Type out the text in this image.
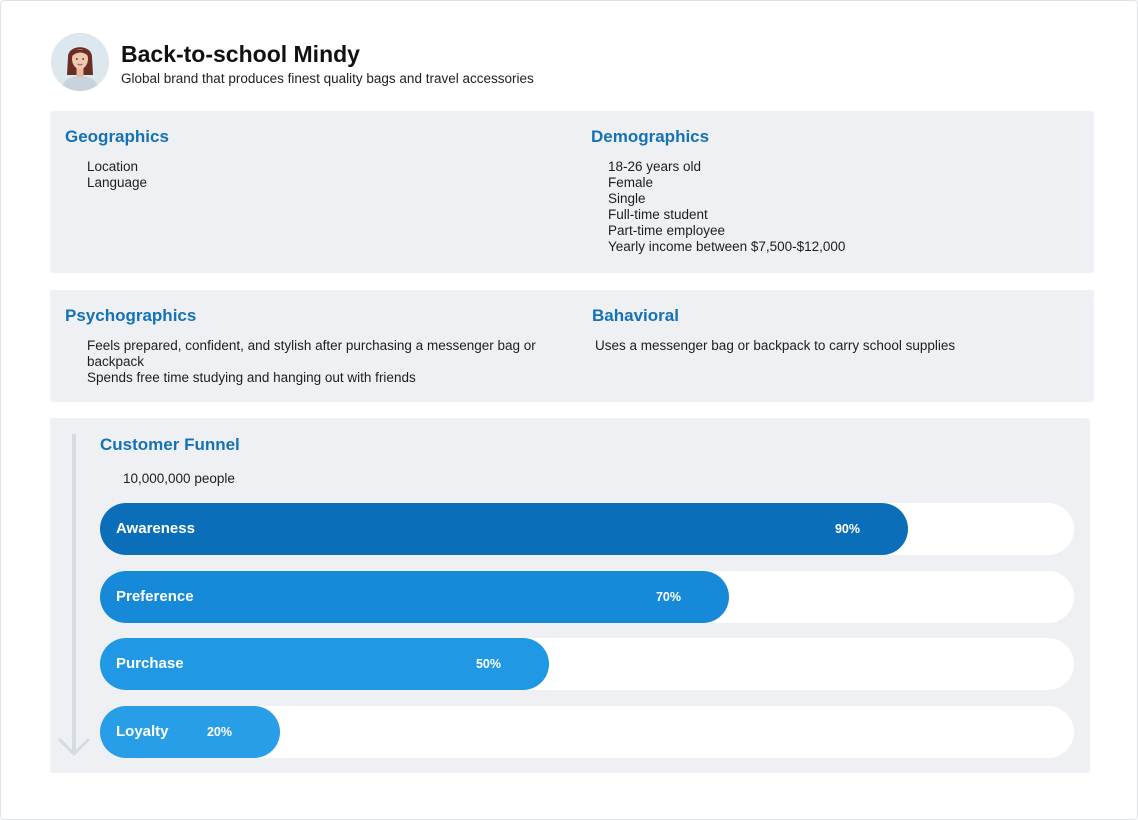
Back-to-school Mindy
Global brand that produces finest quality bags and travel accessories
Geographics
Location
Language
Demographics
18-26 years old
Female
Single
Full-time student
Part-time employee
Yearly income between $7,500-$12,000
Psychographics
Feels prepared, confident, and stylish after purchasing a messenger bag or backpack
Spends free time studying and hanging out with friends
Bahavioral
Uses a messenger bag or backpack to carry school supplies
Customer Funnel
10,000,000 people
Awareness	90%
Preference	70%
Purchase	50%
Loyalty	20%
